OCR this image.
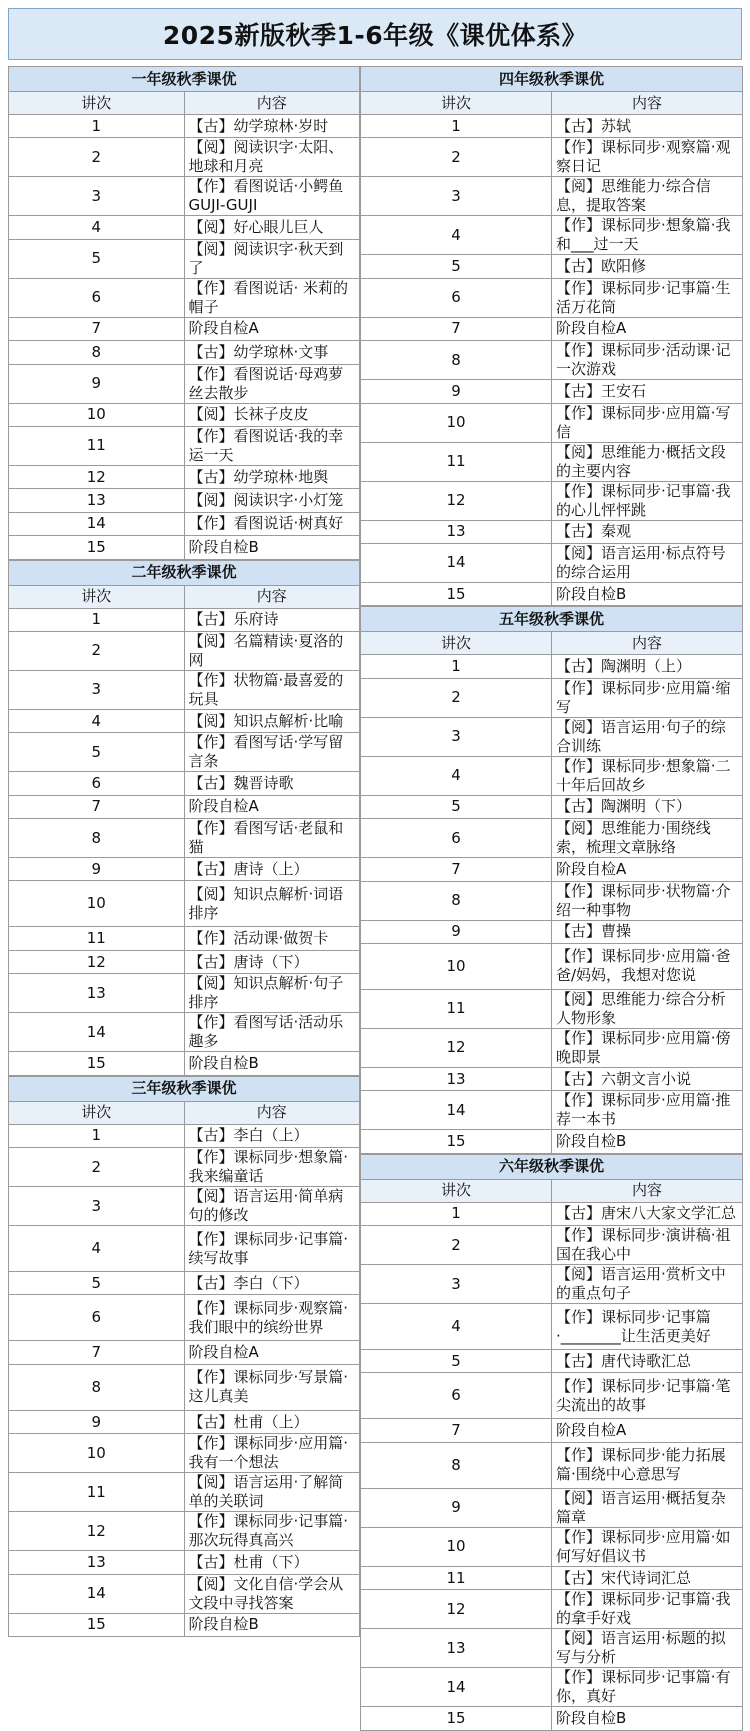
2025新版秋季1-6年级《课优体系》
一年级秋季课优	
讲次	内容
1	【古】幼学琼林·岁时
2	【阅】阅读识字·太阳、地球和月亮
3	【作】看图说话·小鳄鱼GUJI-GUJI
4	【阅】好心眼儿巨人
5	【阅】阅读识字·秋天到了
6	【作】看图说话· 米莉的帽子
7	阶段自检A
8	【古】幼学琼林·文事
9	【作】看图说话·母鸡萝丝去散步
10	【阅】长袜子皮皮
11	【作】看图说话·我的幸运一天
12	【古】幼学琼林·地舆
13	【阅】阅读识字·小灯笼
14	【作】看图说话·树真好
15	阶段自检B
二年级秋季课优	
讲次	内容
1	【古】乐府诗
2	【阅】名篇精读·夏洛的网
3	【作】状物篇·最喜爱的玩具
4	【阅】知识点解析·比喻
5	【作】看图写话·学写留言条
6	【古】魏晋诗歌
7	阶段自检A
8	【作】看图写话·老鼠和猫
9	【古】唐诗（上）
10	【阅】知识点解析·词语排序
11	【作】活动课·做贺卡
12	【古】唐诗（下）
13	【阅】知识点解析·句子排序
14	【作】看图写话·活动乐趣多
15	阶段自检B
三年级秋季课优	
讲次	内容
1	【古】李白（上）
2	【作】课标同步·想象篇·我来编童话
3	【阅】语言运用·简单病句的修改
4	【作】课标同步·记事篇·续写故事
5	【古】李白（下）
6	【作】课标同步·观察篇·我们眼中的缤纷世界
7	阶段自检A
8	【作】课标同步·写景篇·这儿真美
9	【古】杜甫（上）
10	【作】课标同步·应用篇·我有一个想法
11	【阅】语言运用·了解简单的关联词
12	【作】课标同步·记事篇·那次玩得真高兴
13	【古】杜甫（下）
14	【阅】文化自信·学会从文段中寻找答案
15	阶段自检B
四年级秋季课优	
讲次	内容
1	【古】苏轼
2	【作】课标同步·观察篇·观察日记
3	【阅】思维能力·综合信息，提取答案
4	【作】课标同步·想象篇·我和___过一天
5	【古】欧阳修
6	【作】课标同步·记事篇·生活万花筒
7	阶段自检A
8	【作】课标同步·活动课·记一次游戏
9	【古】王安石
10	【作】课标同步·应用篇·写信
11	【阅】思维能力·概括文段的主要内容
12	【作】课标同步·记事篇·我的心儿怦怦跳
13	【古】秦观
14	【阅】语言运用·标点符号的综合运用
15	阶段自检B
五年级秋季课优	
讲次	内容
1	【古】陶渊明（上）
2	【作】课标同步·应用篇·缩写
3	【阅】语言运用·句子的综合训练
4	【作】课标同步·想象篇·二十年后回故乡
5	【古】陶渊明（下）
6	【阅】思维能力·围绕线索，梳理文章脉络
7	阶段自检A
8	【作】课标同步·状物篇·介绍一种事物
9	【古】曹操
10	【作】课标同步·应用篇·爸爸/妈妈，我想对您说
11	【阅】思维能力·综合分析人物形象
12	【作】课标同步·应用篇·傍晚即景
13	【古】六朝文言小说
14	【作】课标同步·应用篇·推荐一本书
15	阶段自检B
六年级秋季课优	
讲次	内容
1	【古】唐宋八大家文学汇总
2	【作】课标同步·演讲稿·祖国在我心中
3	【阅】语言运用·赏析文中的重点句子
4	【作】课标同步·记事篇·________让生活更美好
5	【古】唐代诗歌汇总
6	【作】课标同步·记事篇·笔尖流出的故事
7	阶段自检A
8	【作】课标同步·能力拓展篇·围绕中心意思写
9	【阅】语言运用·概括复杂篇章
10	【作】课标同步·应用篇·如何写好倡议书
11	【古】宋代诗词汇总
12	【作】课标同步·记事篇·我的拿手好戏
13	【阅】语言运用·标题的拟写与分析
14	【作】课标同步·记事篇·有你，真好
15	阶段自检B
